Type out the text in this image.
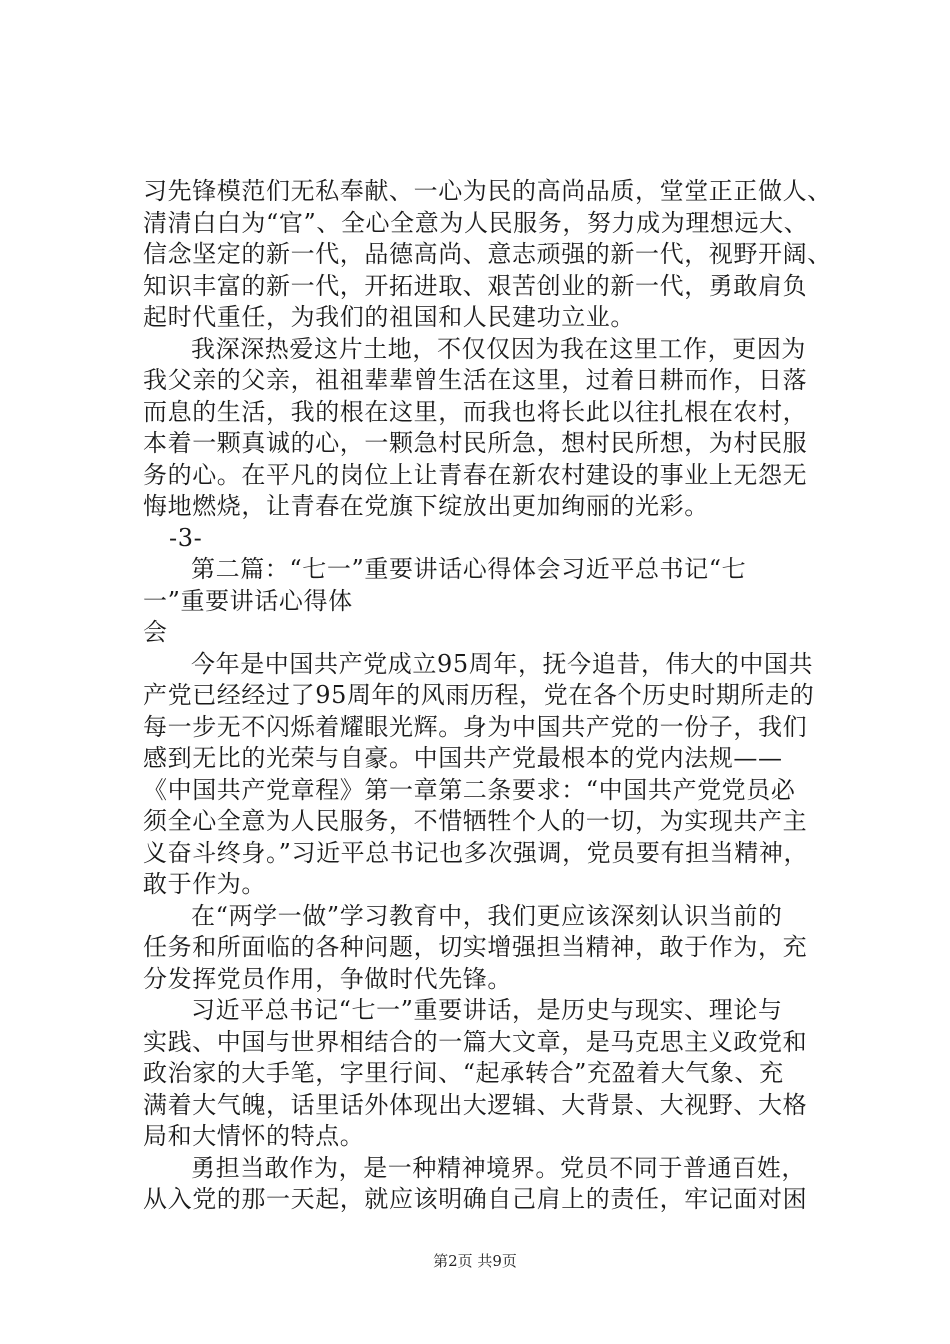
习先锋模范们无私奉献、一心为民的高尚品质，堂堂正正做人、
清清白白为“官”、全心全意为人民服务，努力成为理想远大、
信念坚定的新一代，品德高尚、意志顽强的新一代，视野开阔、
知识丰富的新一代，开拓进取、艰苦创业的新一代，勇敢肩负
起时代重任，为我们的祖国和人民建功立业。
我深深热爱这片土地，不仅仅因为我在这里工作，更因为
我父亲的父亲，祖祖辈辈曾生活在这里，过着日耕而作，日落
而息的生活，我的根在这里，而我也将长此以往扎根在农村，
本着一颗真诚的心，一颗急村民所急，想村民所想，为村民服
务的心。在平凡的岗位上让青春在新农村建设的事业上无怨无
悔地燃烧，让青春在党旗下绽放出更加绚丽的光彩。
-3-
第二篇：“七一”重要讲话心得体会习近平总书记“七
一”重要讲话心得体
会
今年是中国共产党成立95周年，抚今追昔，伟大的中国共
产党已经经过了95周年的风雨历程，党在各个历史时期所走的
每一步无不闪烁着耀眼光辉。身为中国共产党的一份子，我们
感到无比的光荣与自豪。中国共产党最根本的党内法规——
《中国共产党章程》第一章第二条要求：“中国共产党党员必
须全心全意为人民服务，不惜牺牲个人的一切，为实现共产主
义奋斗终身。”习近平总书记也多次强调，党员要有担当精神，
敢于作为。
在“两学一做”学习教育中，我们更应该深刻认识当前的
任务和所面临的各种问题，切实增强担当精神，敢于作为，充
分发挥党员作用，争做时代先锋。
习近平总书记“七一”重要讲话，是历史与现实、理论与
实践、中国与世界相结合的一篇大文章，是马克思主义政党和
政治家的大手笔，字里行间、“起承转合”充盈着大气象、充
满着大气魄，话里话外体现出大逻辑、大背景、大视野、大格
局和大情怀的特点。
勇担当敢作为，是一种精神境界。党员不同于普通百姓，
从入党的那一天起，就应该明确自己肩上的责任，牢记面对困
第2页 共9页
